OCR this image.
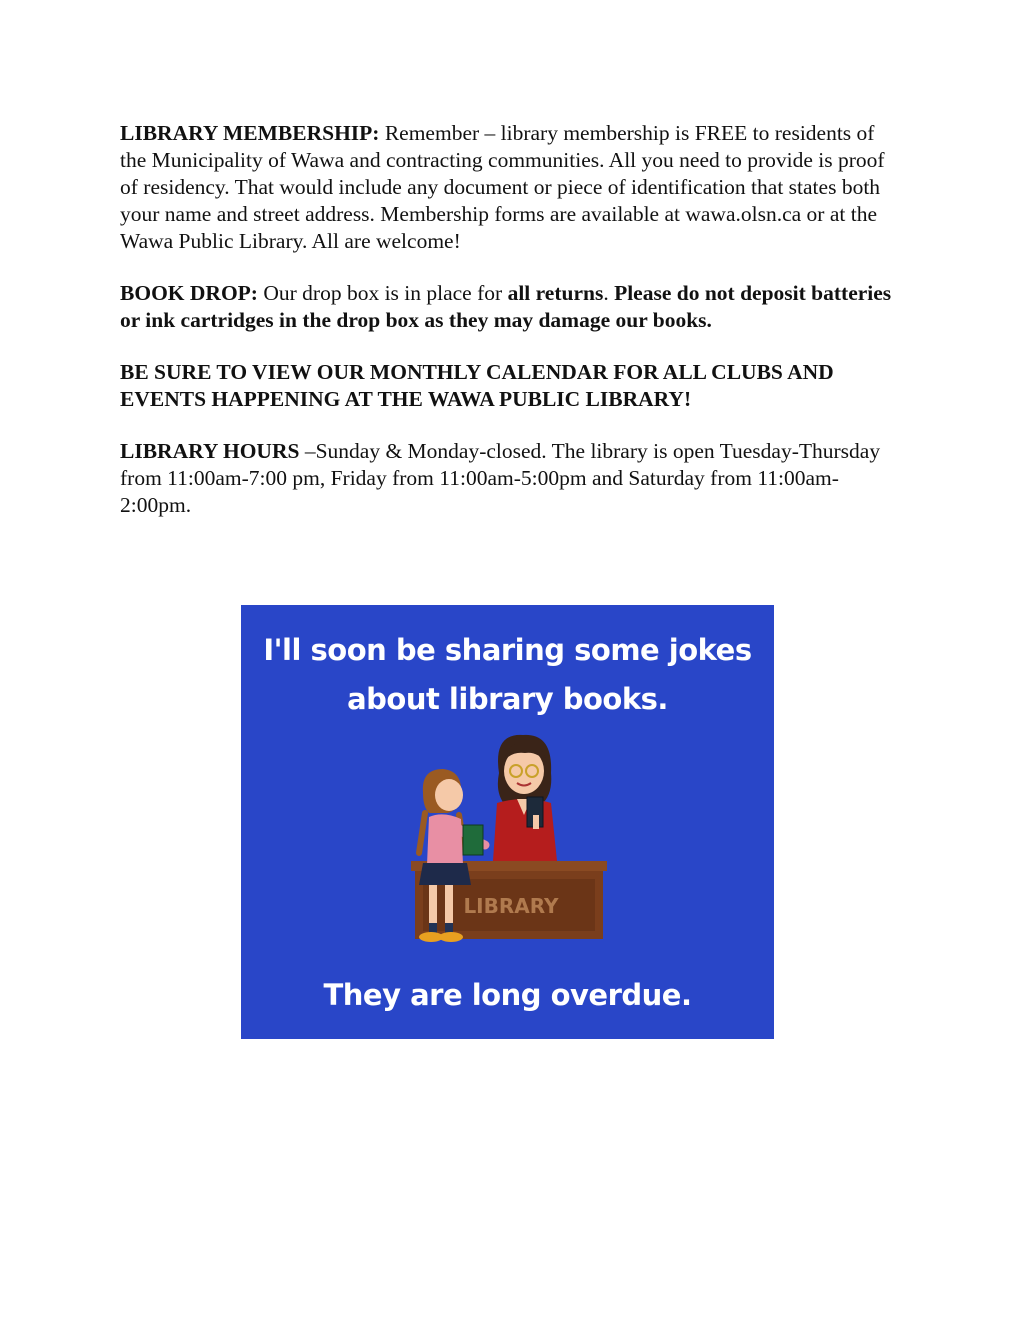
LIBRARY MEMBERSHIP: Remember – library membership is FREE to residents of the Municipality of Wawa and contracting communities. All you need to provide is proof of residency. That would include any document or piece of identification that states both your name and street address. Membership forms are available at wawa.olsn.ca or at the Wawa Public Library. All are welcome!

BOOK DROP: Our drop box is in place for all returns. Please do not deposit batteries or ink cartridges in the drop box as they may damage our books.

BE SURE TO VIEW OUR MONTHLY CALENDAR FOR ALL CLUBS AND EVENTS HAPPENING AT THE WAWA PUBLIC LIBRARY!

LIBRARY HOURS –Sunday & Monday-closed. The library is open Tuesday-Thursday from 11:00am-7:00 pm, Friday from 11:00am-5:00pm and Saturday from 11:00am-2:00pm.

I'll soon be sharing some jokes
about library books.
LIBRARY
They are long overdue.
